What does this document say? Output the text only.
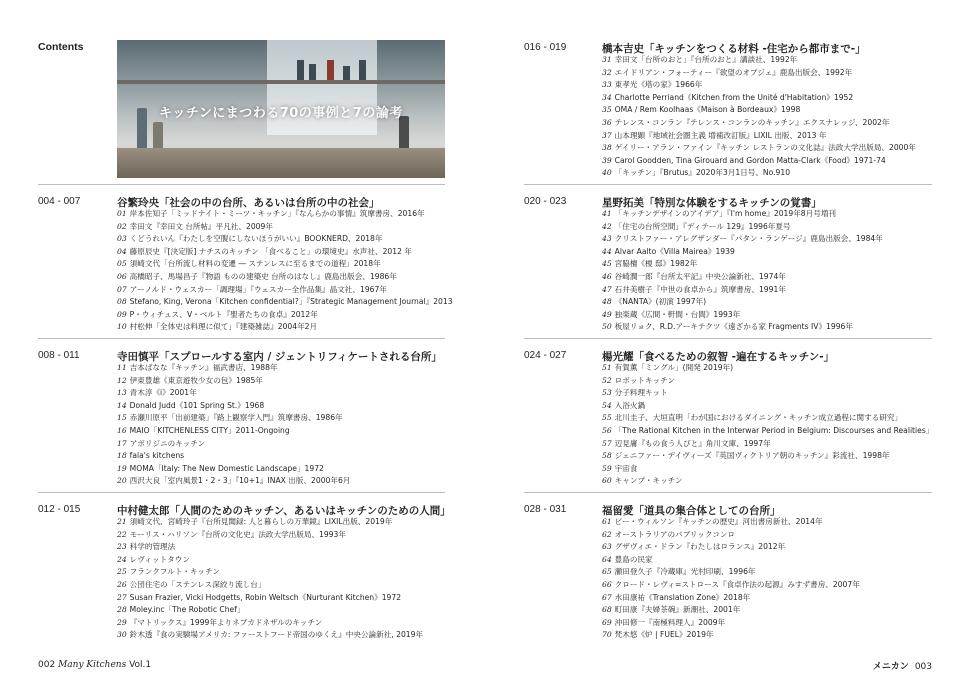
Contents
キッチンにまつわる70の事例と7の論考
004 - 007	谷繁玲央「社会の中の台所、あるいは台所の中の社会」
01 岸本佐知子「ミッドナイト・ミーツ・キッチン」『なんらかの事情』筑摩書房、2016年
02 幸田文『幸田文 台所帖』平凡社、2009年
03 くどうれいん『わたしを空腹にしないほうがいい』BOOKNERD、2018年
04 藤原辰史『[決定版] ナチスのキッチン 「食べること」の環境史』水声社、2012 年
05 須崎文代「台所流し材料の変遷 ― ステンレスに至るまでの道程」2018年
06 高橋昭子、馬場昌子『物語 ものの建築史 台所のはなし』鹿島出版会、1986年
07 アーノルド・ウェスカー「調理場」『ウェスカー全作品集』晶文社、1967年
08 Stefano, King, Verona「Kitchen confidential?」『Strategic Management Journal』2013
09 P・ウィチュス、V・ベルト『聖者たちの食卓』2012年
10 村松伸「全体史は料理に似て」『建築雑誌』2004年2月
008 - 011	寺田慎平「スプロールする室内 / ジェントリフィケートされる台所」
11 吉本ばなな『キッチン』福武書店、1988年
12 伊東豊雄《東京遊牧少女の包》1985年
13 青木淳《i》2001年
14 Donald Judd《101 Spring St.》1968
15 赤瀬川原平「出前建築」『路上観察学入門』筑摩書房、1986年
16 MAIO「KITCHENLESS CITY」2011-Ongoing
17 アボリジニのキッチン
18 fala's kitchens
19 MOMA「Italy: The New Domestic Landscape」1972
20 西沢大良「室内風景1・2・3」『10+1』INAX 出版、2000年6月
012 - 015	中村健太郎「人間のためのキッチン、あるいはキッチンのための人間」
21 須崎文代、宮崎玲子『台所見聞録: 人と暮らしの万華鏡』LIXIL出版、2019年
22 モーリス・ハリソン『台所の文化史』法政大学出版局、1993年
23 科学的管理法
24 レヴィットタウン
25 フランクフルト・キッチン
26 公団住宅の「ステンレス深絞り流し台」
27 Susan Frazier, Vicki Hodgetts, Robin Weltsch《Nurturant Kitchen》1972
28 Moley.inc「The Robotic Chef」
29 『マトリックス』1999年よりネブカドネザルのキッチン
30 鈴木透『食の実験場アメリカ: ファーストフード帝国のゆくえ』中央公論新社, 2019年
016 - 019	橋本吉史「キッチンをつくる材料 -住宅から都市まで-」
31 幸田文「台所のおと」『台所のおと』講談社、1992年
32 エイドリアン・フォーティー『欲望のオブジェ』鹿島出版会、1992年
33 東孝光《塔の家》1966年
34 Charlotte Perriand《Kitchen from the Unité d'Habitation》1952
35 OMA / Rem Koolhaas《Maison à Bordeaux》1998
36 テレンス・コンラン『テレンス・コンランのキッチン』エクスナレッジ、2002年
37 山本理顕『地域社会圏主義 増補改訂版』LIXIL 出版、2013 年
38 ゲイリー・アラン・ファイン『キッチン レストランの文化誌』法政大学出版局、2000年
39 Carol Goodden, Tina Girouard and Gordon Matta-Clark《Food》1971-74
40 「キッチン」『Brutus』2020年3月1日号、No.910
020 - 023	星野拓美「特別な体験をするキッチンの覚書」
41 「キッチンデザインのアイデア」『I'm home』2019年8月号増刊
42 「住宅の台所空間」『ディテール 129』1996年夏号
43 クリストファー・アレグザンダー『パタン・ランゲージ』鹿島出版会、1984年
44 Alvar Aalto《Villa Mairea》1939
45 宮脇檀《榎 邸》1982年
46 谷崎潤一郎『台所太平記』中央公論新社、1974年
47 石井美樹子『中世の食卓から』筑摩書房、1991年
48 《NANTA》(初演 1997年)
49 独楽蔵《広間・軒間・台間》1993年
50 板屋リョク、R.D.アーキテクツ《遠ざかる家 Fragments IV》1996年
024 - 027	楊光耀「食べるための叙智 -遍在するキッチン-」
51 有賀薫「ミングル」(開発 2019年)
52 ロボットキッチン
53 分子料理キット
54 入浴火鍋
55 北川圭子、大垣直明「わが国におけるダイニング・キッチン成立過程に関する研究」
56 「The Rational Kitchen in the Interwar Period in Belgium: Discourses and Realities」
57 辺見庸『もの食う人びと』角川文庫、1997年
58 ジェニファー・デイヴィーズ『英国ヴィクトリア朝のキッチン』彩流社、1998年
59 宇宙食
60 キャンプ・キッチン
028 - 031	福留愛「道具の集合体としての台所」
61 ビー・ウィルソン『キッチンの歴史』河出書房新社、2014年
62 オーストラリアのパブリックコンロ
63 グザヴィエ・ドラン『わたしはロランス』2012年
64 豊島の民家
65 瀬田登久子『冷蔵庫』光村印刷、1996年
66 クロード・レヴィ=ストロース『食卓作法の起源』みすず書房、2007年
67 水田康祐《Translation Zone》2018年
68 町田康『夫婦茶碗』新潮社、2001年
69 沖田修一『南極料理人』2009年
70 梵木悠《炉 | FUEL》2019年
002 Many Kitchens Vol.1	メニカン 003
